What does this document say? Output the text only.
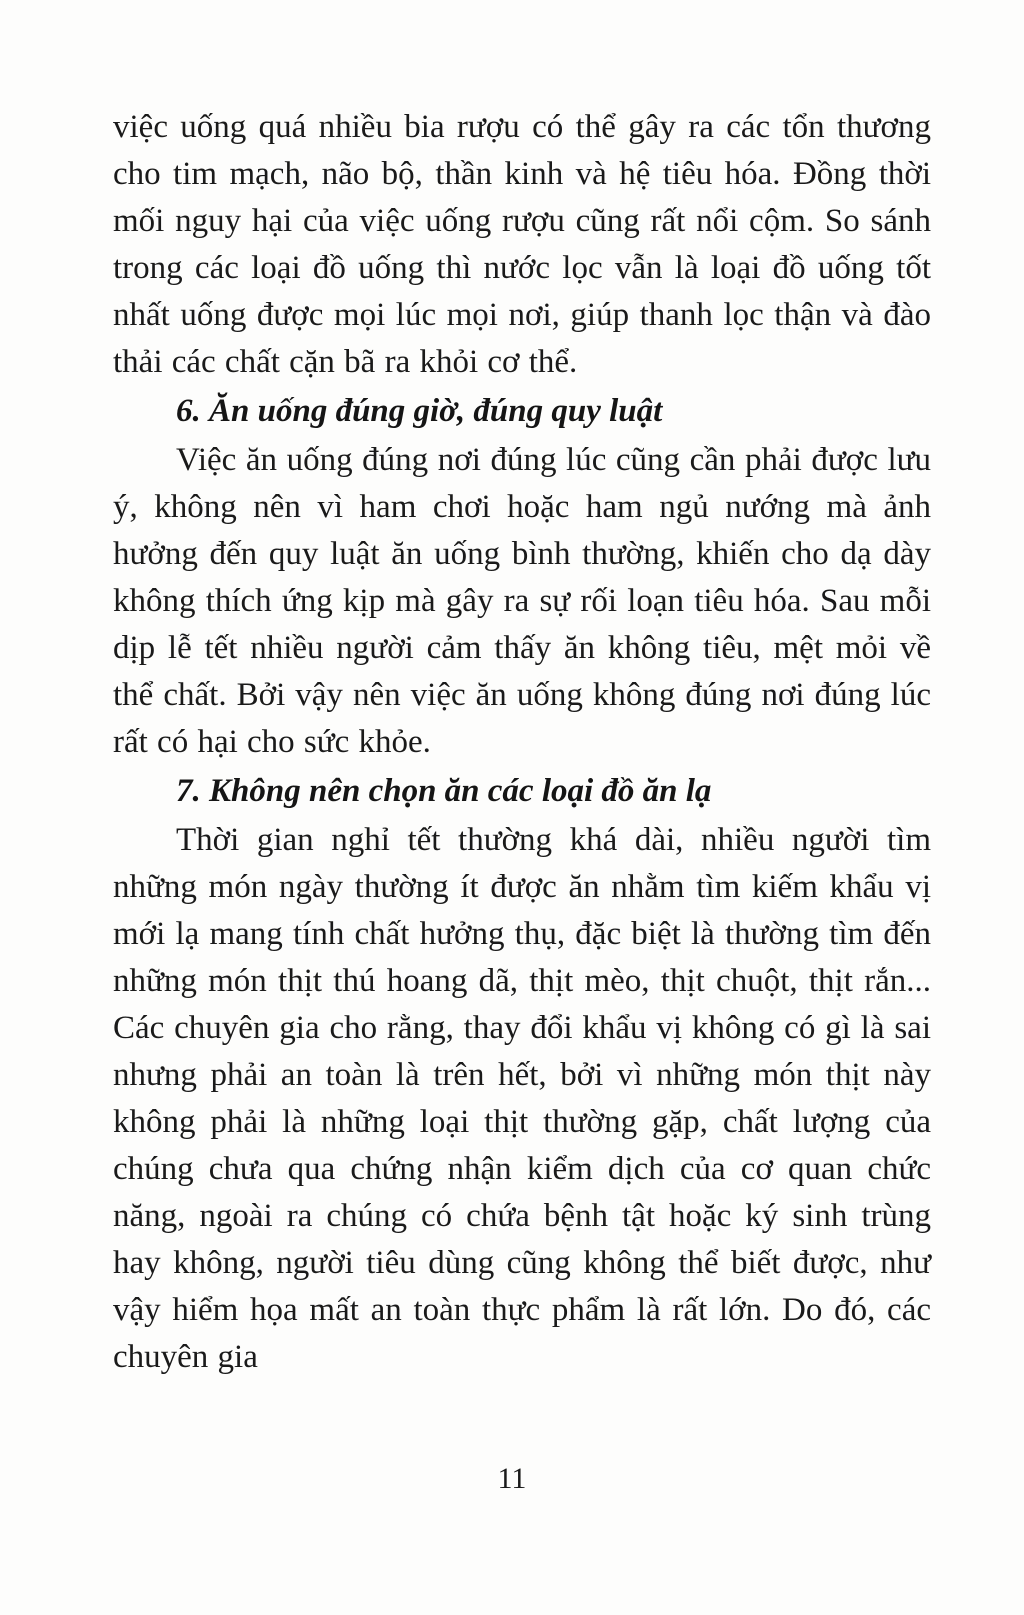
việc uống quá nhiều bia rượu có thể gây ra các tổn thương cho tim mạch, não bộ, thần kinh và hệ tiêu hóa. Đồng thời mối nguy hại của việc uống rượu cũng rất nổi cộm. So sánh trong các loại đồ uống thì nước lọc vẫn là loại đồ uống tốt nhất uống được mọi lúc mọi nơi, giúp thanh lọc thận và đào thải các chất cặn bã ra khỏi cơ thể.

6. Ăn uống đúng giờ, đúng quy luật

Việc ăn uống đúng nơi đúng lúc cũng cần phải được lưu ý, không nên vì ham chơi hoặc ham ngủ nướng mà ảnh hưởng đến quy luật ăn uống bình thường, khiến cho dạ dày không thích ứng kịp mà gây ra sự rối loạn tiêu hóa. Sau mỗi dịp lễ tết nhiều người cảm thấy ăn không tiêu, mệt mỏi về thể chất. Bởi vậy nên việc ăn uống không đúng nơi đúng lúc rất có hại cho sức khỏe.

7. Không nên chọn ăn các loại đồ ăn lạ

Thời gian nghỉ tết thường khá dài, nhiều người tìm những món ngày thường ít được ăn nhằm tìm kiếm khẩu vị mới lạ mang tính chất hưởng thụ, đặc biệt là thường tìm đến những món thịt thú hoang dã, thịt mèo, thịt chuột, thịt rắn... Các chuyên gia cho rằng, thay đổi khẩu vị không có gì là sai nhưng phải an toàn là trên hết, bởi vì những món thịt này không phải là những loại thịt thường gặp, chất lượng của chúng chưa qua chứng nhận kiểm dịch của cơ quan chức năng, ngoài ra chúng có chứa bệnh tật hoặc ký sinh trùng hay không, người tiêu dùng cũng không thể biết được, như vậy hiểm họa mất an toàn thực phẩm là rất lớn. Do đó, các chuyên gia

11
